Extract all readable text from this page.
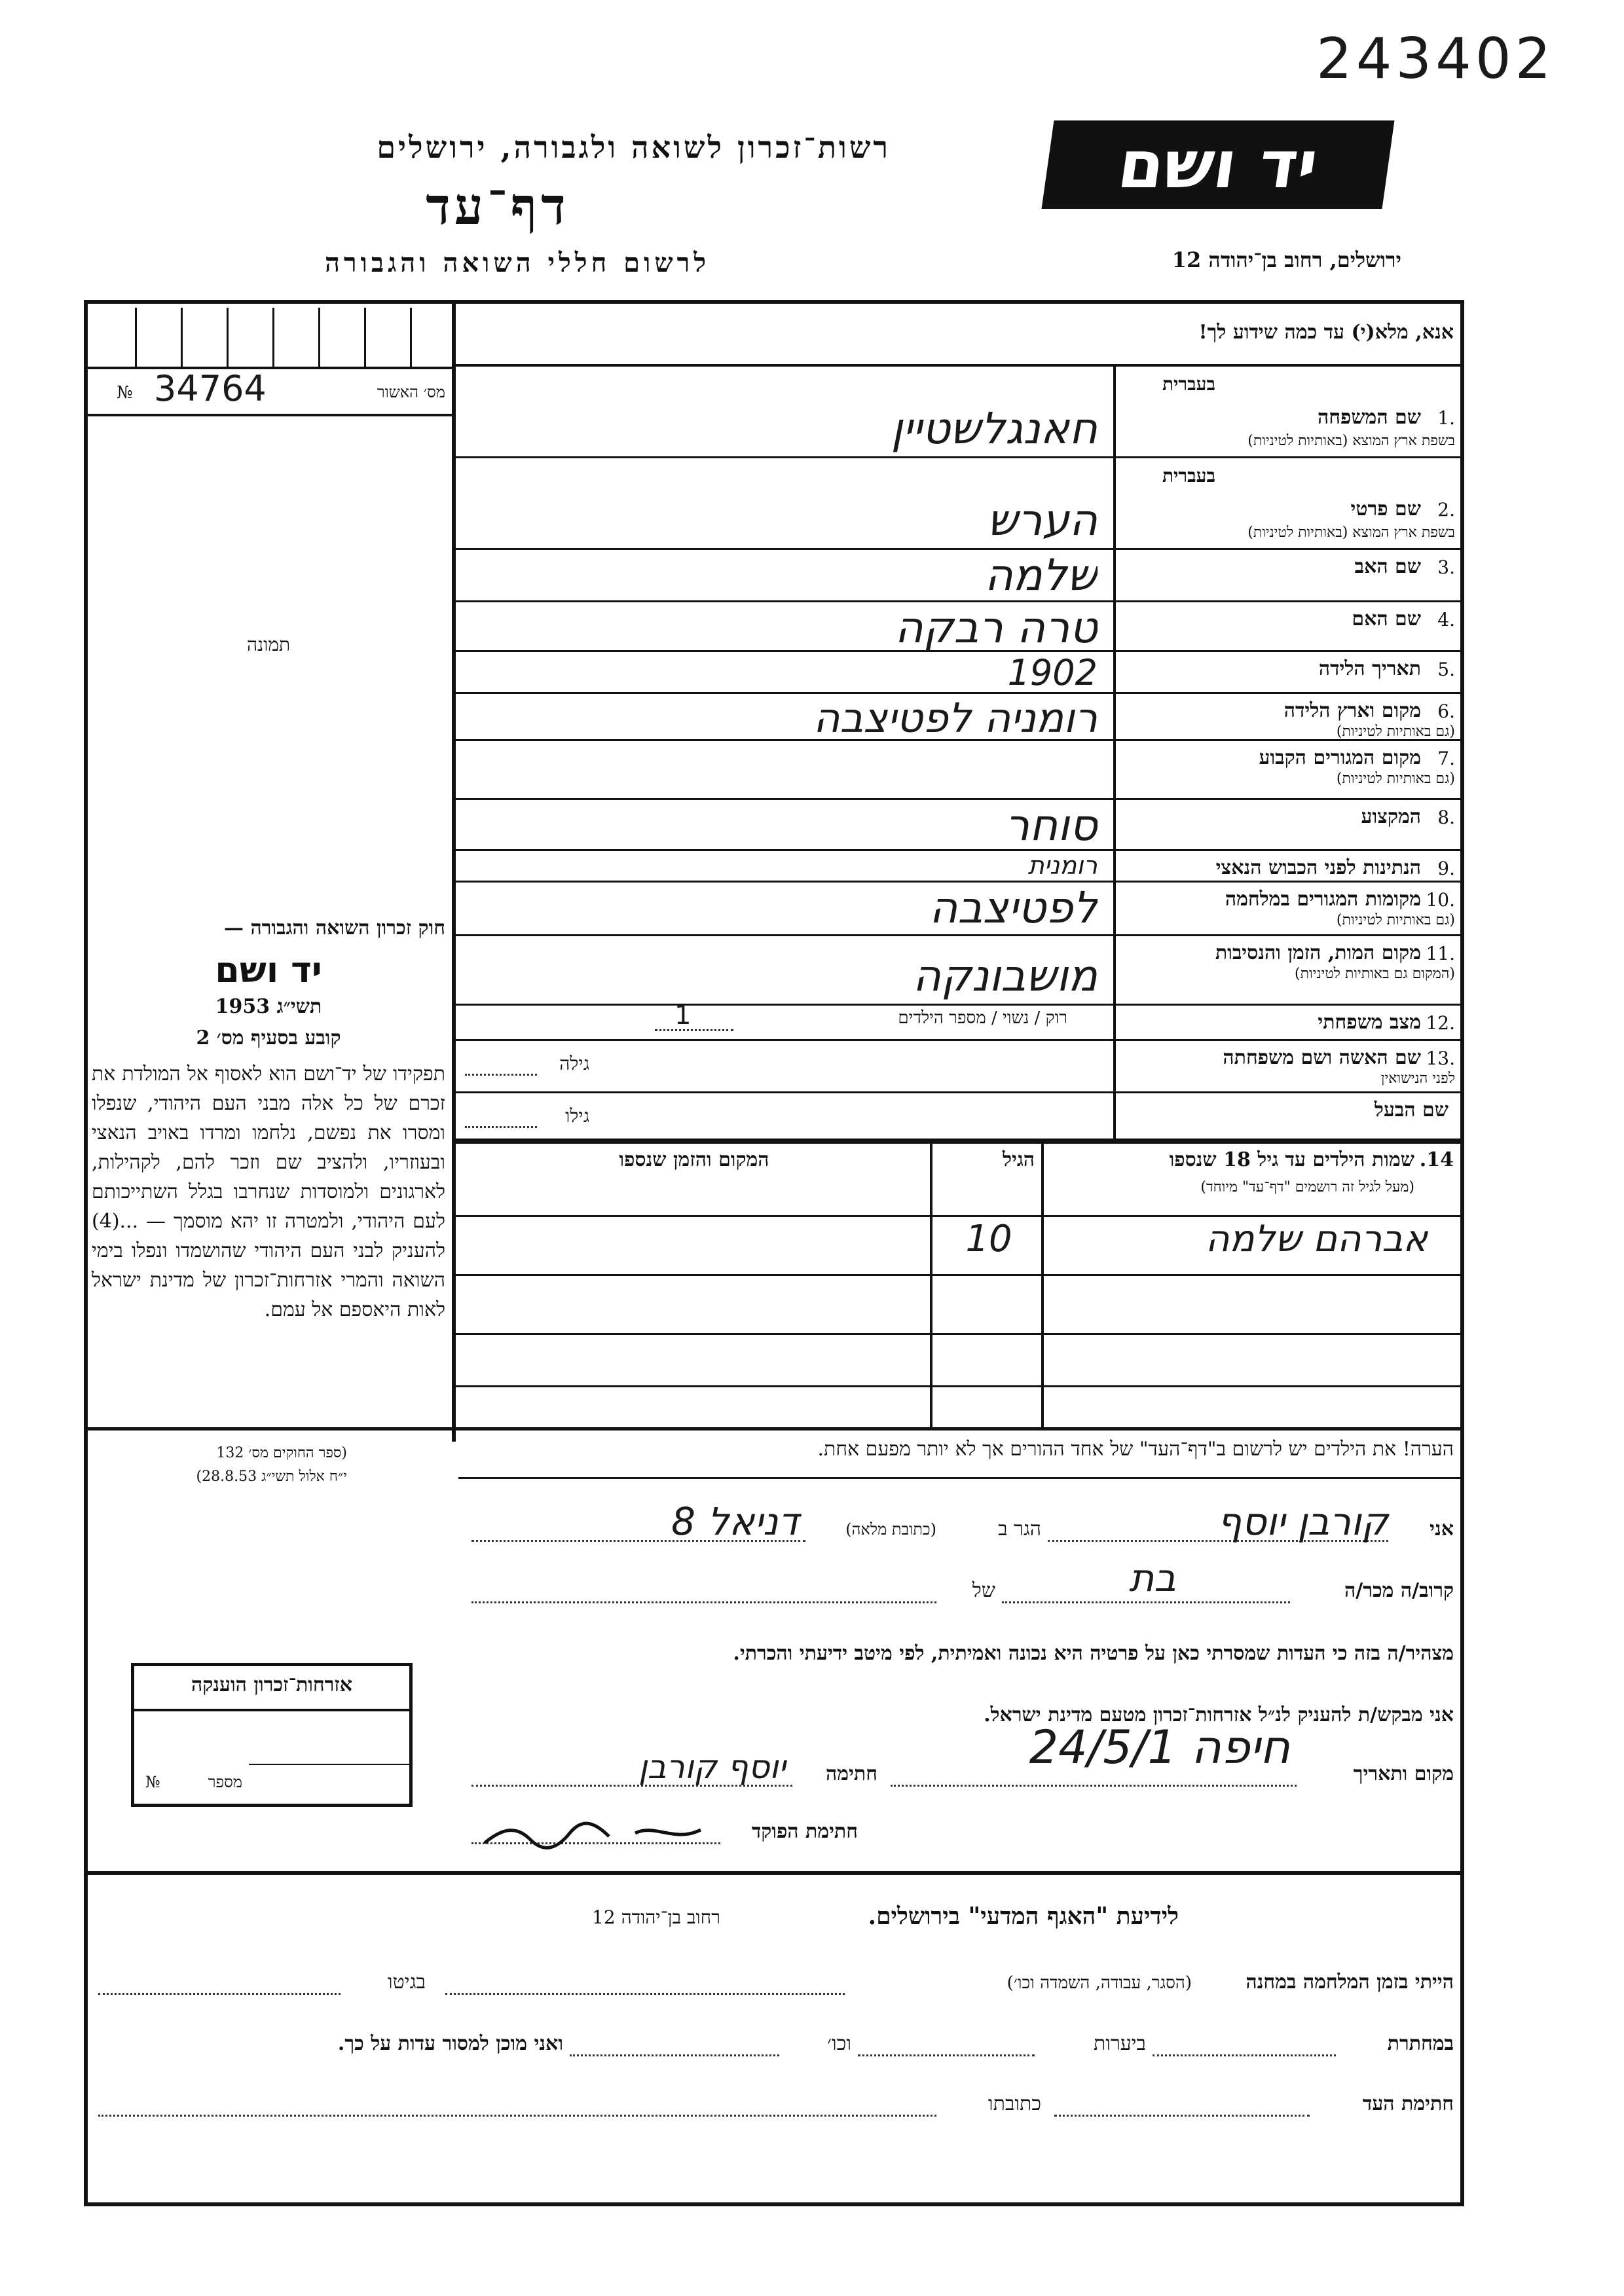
243402
רשות־זכרון לשואה ולגבורה, ירושלים
דף־עד
לרשום חללי השואה והגבורה
יד ושם
ירושלים, רחוב בן־יהודה 12
מס׳ האשור
№ 34764
תמונה
חוק זכרון השואה והגבורה —
יד ושם
תשי״ג 1953
קובע בסעיף מס׳ 2
תפקידו של יד־ושם הוא לאסוף אל המולדת את זכרם של כל אלה מבני העם היהודי, שנפלו ומסרו את נפשם, נלחמו ומרדו באויב הנאצי ובעוזריו, ולהציב שם וזכר להם, לקהילות, לארגונים ולמוסדות שנחרבו בגלל השתייכותם לעם היהודי, ולמטרה זו יהא מוסמך — ...(4) להעניק לבני העם היהודי שהושמדו ונפלו בימי השואה והמרי אזרחות־זכרון של מדינת ישראל לאות היאספם אל עמם.
(ספר החוקים מס׳ 132
י״ח אלול תשי״ג 28.8.53)
אנא, מלא(י) עד כמה שידוע לך!
1.
שם המשפחה
בעברית
בשפת ארץ המוצא (באותיות לטיניות)
חאנגלשטיין
2.
שם פרטי
בעברית
בשפת ארץ המוצא (באותיות לטיניות)
הערש
3.
שם האב
שלמה
4.
שם האם
טרה רבקה
5.
תאריך הלידה
1902
6.
מקום וארץ הלידה
(גם באותיות לטיניות)
רומניה לפטיצבה
7.
מקום המגורים הקבוע
(גם באותיות לטיניות)
8.
המקצוע
סוחר
9.
הנתינות לפני הכבוש הנאצי
רומנית
10.
מקומות המגורים במלחמה
(גם באותיות לטיניות)
לפטיצבה
11.
מקום המות, הזמן והנסיבות
(המקום גם באותיות לטיניות)
מושבונקה
12.
מצב משפחתי
13.
שם האשה ושם משפחתה
לפני הנישואין
שם הבעל
רוק / נשוי / מספר הילדים
1
גילה
גילו
14.
שמות הילדים עד גיל 18 שנספו
(מעל לגיל זה רושמים "דף־עד" מיוחד)
הגיל
המקום והזמן שנספו
אברהם שלמה
10
הערה! את הילדים יש לרשום ב"דף־העד" של אחד ההורים אך לא יותר מפעם אחת.
אני
קורבן יוסף
הגר ב
(כתובת מלאה)
דניאל 8
קרוב/ה מכר/ה
בת
של
מצהיר/ה בזה כי העדות שמסרתי כאן על פרטיה היא נכונה ואמיתית, לפי מיטב ידיעתי והכרתי.
אני מבקש/ת להעניק לנ״ל אזרחות־זכרון מטעם מדינת ישראל.
מקום ותאריך
חיפה 24/5/1
חתימה
יוסף קורבן
חתימת הפוקד
אזרחות־זכרון הוענקה
מספר
№
לידיעת "האגף המדעי" בירושלים.
רחוב בן־יהודה 12
הייתי בזמן המלחמה במחנה
(הסגר, עבודה, השמדה וכו׳)
בגיטו
במחתרת
ביערות
וכו׳
ואני מוכן למסור עדות על כך.
חתימת העד
כתובתו
